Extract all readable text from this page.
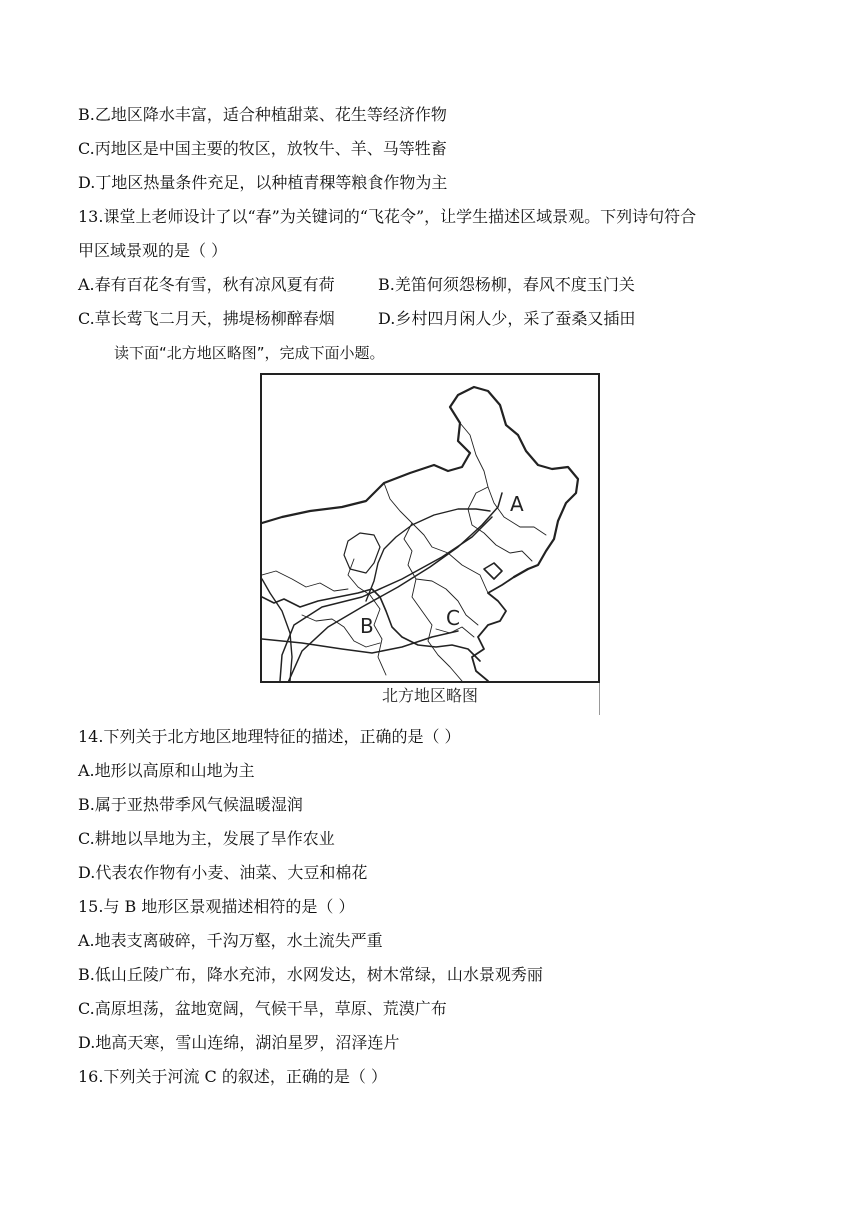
B.乙地区降水丰富，适合种植甜菜、花生等经济作物
C.丙地区是中国主要的牧区，放牧牛、羊、马等牲畜
D.丁地区热量条件充足，以种植青稞等粮食作物为主
13.课堂上老师设计了以“春”为关键词的“飞花令”，让学生描述区域景观。下列诗句符合
甲区域景观的是（ ）
A.春有百花冬有雪，秋有凉风夏有荷	B.羌笛何须怨杨柳，春风不度玉门关
C.草长莺飞二月天，拂堤杨柳醉春烟	D.乡村四月闲人少，采了蚕桑又插田
读下面“北方地区略图”，完成下面小题。
A
B	C
北方地区略图
14.下列关于北方地区地理特征的描述，正确的是（ ）
A.地形以高原和山地为主
B.属于亚热带季风气候温暖湿润
C.耕地以旱地为主，发展了旱作农业
D.代表农作物有小麦、油菜、大豆和棉花
15.与 B 地形区景观描述相符的是（ ）
A.地表支离破碎，千沟万壑，水土流失严重
B.低山丘陵广布，降水充沛，水网发达，树木常绿，山水景观秀丽
C.高原坦荡，盆地宽阔，气候干旱，草原、荒漠广布
D.地高天寒，雪山连绵，湖泊星罗，沼泽连片
16.下列关于河流 C 的叙述，正确的是（ ）
